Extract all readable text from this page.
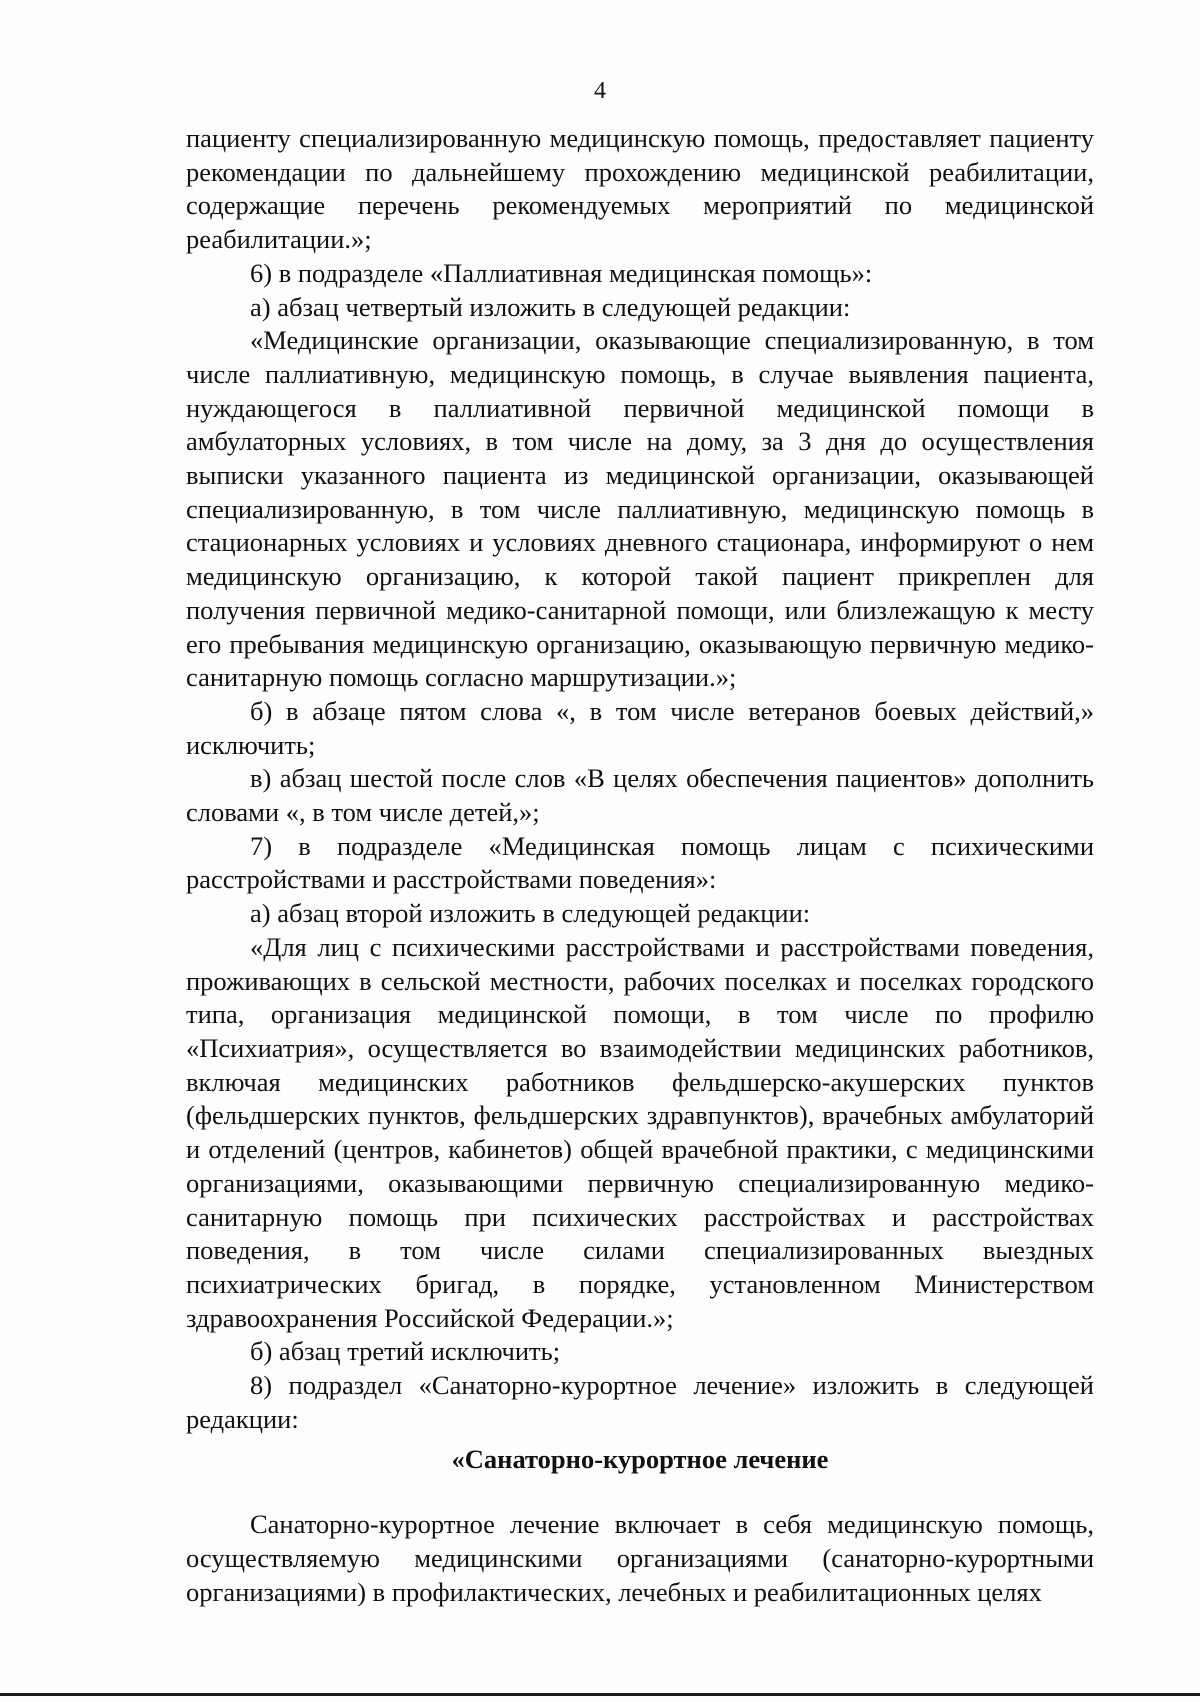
4

пациенту специализированную медицинскую помощь, предоставляет пациенту рекомендации по дальнейшему прохождению медицинской реабилитации, содержащие перечень рекомендуемых мероприятий по медицинской реабилитации.»;

6) в подразделе «Паллиативная медицинская помощь»:

а) абзац четвертый изложить в следующей редакции:

«Медицинские организации, оказывающие специализированную, в том числе паллиативную, медицинскую помощь, в случае выявления пациента, нуждающегося в паллиативной первичной медицинской помощи в амбулаторных условиях, в том числе на дому, за 3 дня до осуществления выписки указанного пациента из медицинской организации, оказывающей специализированную, в том числе паллиативную, медицинскую помощь в стационарных условиях и условиях дневного стационара, информируют о нем медицинскую организацию, к которой такой пациент прикреплен для получения первичной медико-санитарной помощи, или близлежащую к месту его пребывания медицинскую организацию, оказывающую первичную медико-санитарную помощь согласно маршрутизации.»;

б) в абзаце пятом слова «, в том числе ветеранов боевых действий,» исключить;

в) абзац шестой после слов «В целях обеспечения пациентов» дополнить словами «, в том числе детей,»;

7) в подразделе «Медицинская помощь лицам с психическими расстройствами и расстройствами поведения»:

а) абзац второй изложить в следующей редакции:

«Для лиц с психическими расстройствами и расстройствами поведения, проживающих в сельской местности, рабочих поселках и поселках городского типа, организация медицинской помощи, в том числе по профилю «Психиатрия», осуществляется во взаимодействии медицинских работников, включая медицинских работников фельдшерско-акушерских пунктов (фельдшерских пунктов, фельдшерских здравпунктов), врачебных амбулаторий и отделений (центров, кабинетов) общей врачебной практики, с медицинскими организациями, оказывающими первичную специализированную медико-санитарную помощь при психических расстройствах и расстройствах поведения, в том числе силами специализированных выездных психиатрических бригад, в порядке, установленном Министерством здравоохранения Российской Федерации.»;

б) абзац третий исключить;

8) подраздел «Санаторно-курортное лечение» изложить в следующей редакции:

«Санаторно-курортное лечение

Санаторно-курортное лечение включает в себя медицинскую помощь, осуществляемую медицинскими организациями (санаторно-курортными организациями) в профилактических, лечебных и реабилитационных целях
